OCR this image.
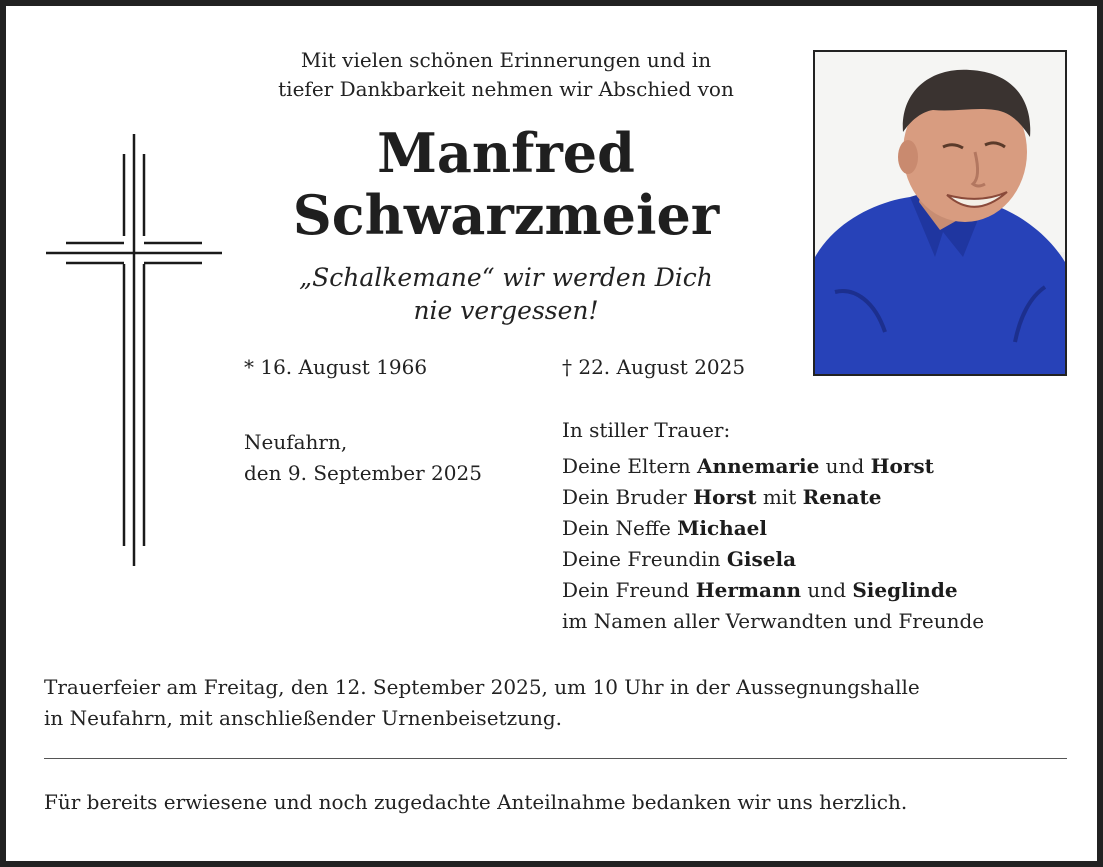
Mit vielen schönen Erinnerungen und in
tiefer Dankbarkeit nehmen wir Abschied von
Manfred
Schwarzmeier
„Schalkemane“ wir werden Dich
nie vergessen!
* 16. August 1966	† 22. August 2025
Neufahrn,
den 9. September 2025
In stiller Trauer:
Deine Eltern Annemarie und Horst
Dein Bruder Horst mit Renate
Dein Neffe Michael
Deine Freundin Gisela
Dein Freund Hermann und Sieglinde
im Namen aller Verwandten und Freunde
Trauerfeier am Freitag, den 12. September 2025, um 10 Uhr in der Aussegnungshalle
in Neufahrn, mit anschließender Urnenbeisetzung.
Für bereits erwiesene und noch zugedachte Anteilnahme bedanken wir uns herzlich.
